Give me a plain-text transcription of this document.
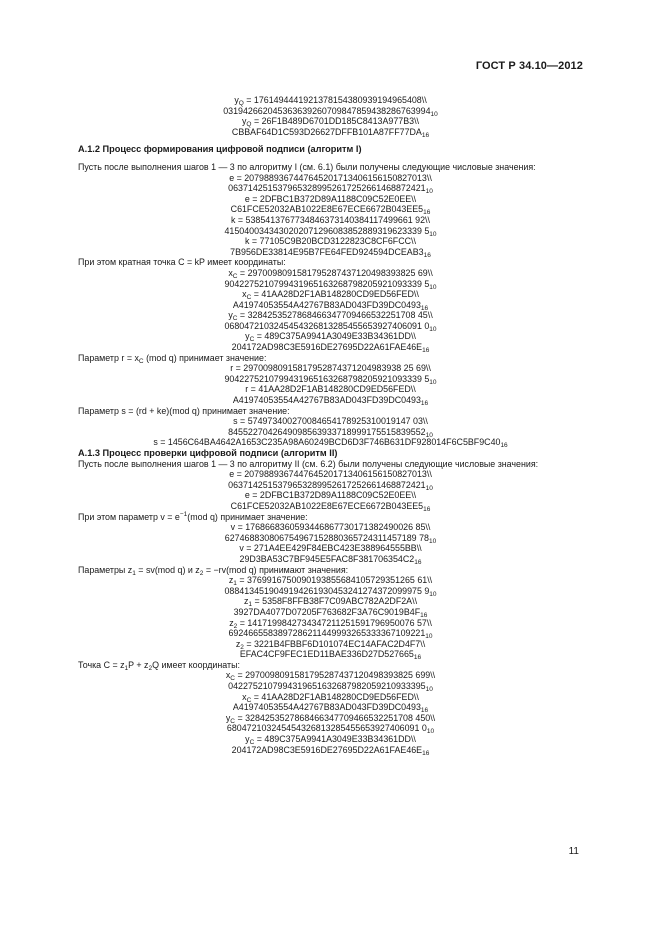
ГОСТ Р 34.10—2012
$y_Q$ = 1761494441921378154380939194965408\\
$031942662045363639260709847859438286763994_{10}$
$y_Q$ = 26F1B489D6701DD185C8413A977B3\\
$CBBAF64D1C593D26627DFFB101A87FF77DA_{16}$
А.1.2 Процесс формирования цифровой подписи (алгоритм I)
Пусть после выполнения шагов 1 — 3 по алгоритму I (см. 6.1) были получены следующие числовые значения:
e = 2079889367447645201713406156150827013\\
$0637142515379653289952617252661468872421_{10}$
e = 2DFBC1B372D89A1188C09C52E0EE\\
$C61FCE52032AB1022E8E67ECE6672B043EE5_{16}$
k = 5385413767734846373140384117499661 92\\
4150400343430202071296083852889319623339 $5_{10}$
k = 77105C9B20BCD3122823C8CF6FCC\\
$7B956DE33814E95B7FE64FED924594DCEAB3_{16}$
При этом кратная точка C = kP имеет координаты:
$x_C = 2970098091581795287437120498393825$ 69\\
9042275210799431965163268798205921093339 $5_{10}$
$x_C$ = 41AA28D2F1AB148280CD9ED56FED\\
$A41974053554A42767B83AD043FD39DC0493_{16}$
$y_C = 3284253527868466347709466532251708$ 45\\
0680472103245454326813285455653927406091 $0_{10}$
$y_C$ = 489C375A9941A3049E33B34361DD\\
$204172AD98C3E5916DE27695D22A61FAE46E_{16}$
Параметр $r = x_C$ (mod q) принимает значение:
r = 29700980915817952874371204983938 25 69\\
9042275210799431965163268798205921093339 $5_{10}$
r = 41AA28D2F1AB148280CD9ED56FED\\
$A41974053554A42767B83AD043FD39DC0493_{16}$
Параметр s = (rd + ke)(mod q) принимает значение:
s = 574973400270084654178925310019147 03\\
$8455227042649098563933718999175515839552_{10}$
$s = 1456C64BA4642A1653C235A98A60249BCD6D3F746B631DF928014F6C5BF9C40_{16}$
А.1.3 Процесс проверки цифровой подписи (алгоритм II)
Пусть после выполнения шагов 1 — 3 по алгоритму II (см. 6.2) были получены следующие числовые значения:
e = 2079889367447645201713406156150827013\\
$0637142515379653289952617252661468872421_{10}$
e = 2DFBC1B372D89A1188C09C52E0EE\\
$C61FCE52032AB1022E8E67ECE6672B043EE5_{16}$
При этом параметр $v = e^{-1}(mod$ q) принимает значение:
v = 1768668360593446867730171382490026 85\\
627468830806754967152880365724311457189 $78_{10}$
v = 271A4EE429F84EBC423E388964555BB\\
$29D3BA53C7BF945E5FAC8F381706354C2_{16}$
Параметры $z_1 = sv(mod$ q) и $z_2 = -rv(mod$ q) принимают значения:
$z_1 = 3769916750090193855684105729351265$ 61\\
0884134519049194261930453241274372099975 $9_{10}$
$z_1$ = 5358F8FFB38F7C09ABC782A2DF2A\\
$3927DA4077D07205F763682F3A76C9019B4F_{16}$
$z_2 = 1417199842734347211251591796950076$ 57\\
$6924665583897286211449993265333367109221_{10}$
$z_2$ = 3221B4FBBF6D101074EC14AFAC2D4F7\\
$EFAC4CF9FEC1ED11BAE336D27D527665_{16}$
Точка $C = z_1P + z_2Q$ имеет координаты:
$x_C = 2970098091581795287437120498393825$ 699\\
$0422752107994319651632687982059210933395_{10}$
$x_C$ = 41AA28D2F1AB148280CD9ED56FED\\
$A41974053554A42767B83AD043FD39DC0493_{16}$
$y_C = 3284253527868466347709466532251708$ 450\\
680472103245454326813285455653927406091 $0_{10}$
$y_C$ = 489C375A9941A3049E33B34361DD\\
$204172AD98C3E5916DE27695D22A61FAE46E_{16}$
11
